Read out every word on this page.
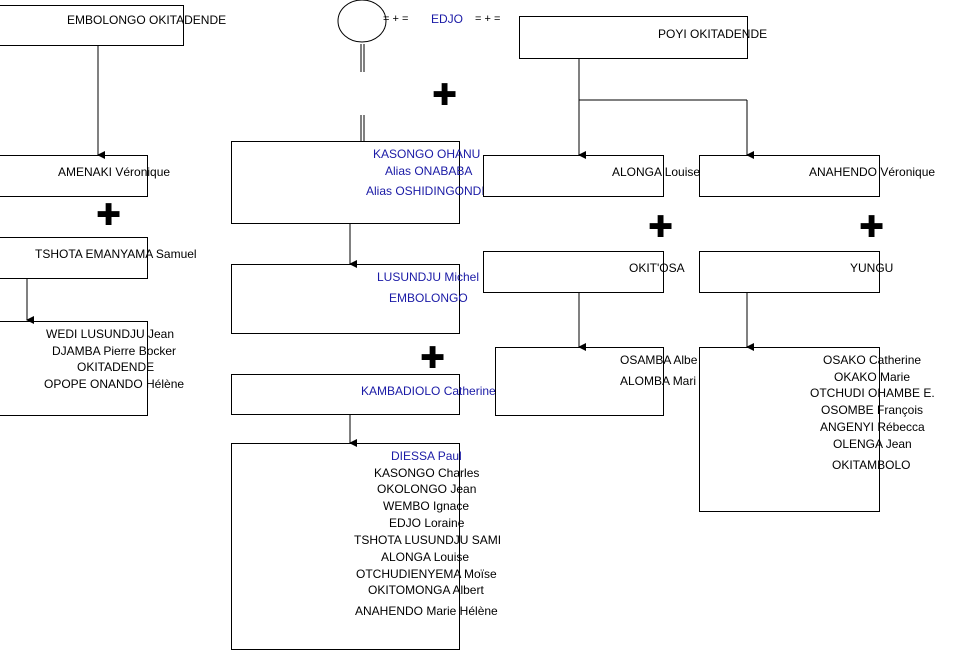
EMBOLONGO OKITADENDE	= + = EDJO = + =
POYI OKITADENDE
✚
✚	✚	✚
✚
AMENAKI Véronique
TSHOTA EMANYAMA Samuel
WEDI LUSUNDJU Jean
DJAMBA Pierre Bocker
OKITADENDE
OPOPE ONANDO Hélène
KASONGO OHANU
Alias ONABABA
Alias OSHIDINGONDI
LUSUNDJU Michel
EMBOLONGO
KAMBADIOLO Catherine
DIESSA Paul
KASONGO Charles
OKOLONGO Jean
WEMBO Ignace
EDJO Loraine
TSHOTA LUSUNDJU SAMI
ALONGA Louise
OTCHUDIENYEMA Moïse
OKITOMONGA Albert
ANAHENDO Marie Hélène
ALONGA Louise
OKIT'OSA
OSAMBA Albe
ALOMBA Mari
ANAHENDO Véronique
YUNGU
OSAKO Catherine
OKAKO Marie
OTCHUDI OHAMBE E.
OSOMBE François
ANGENYI Rébecca
OLENGA Jean
OKITAMBOLO
